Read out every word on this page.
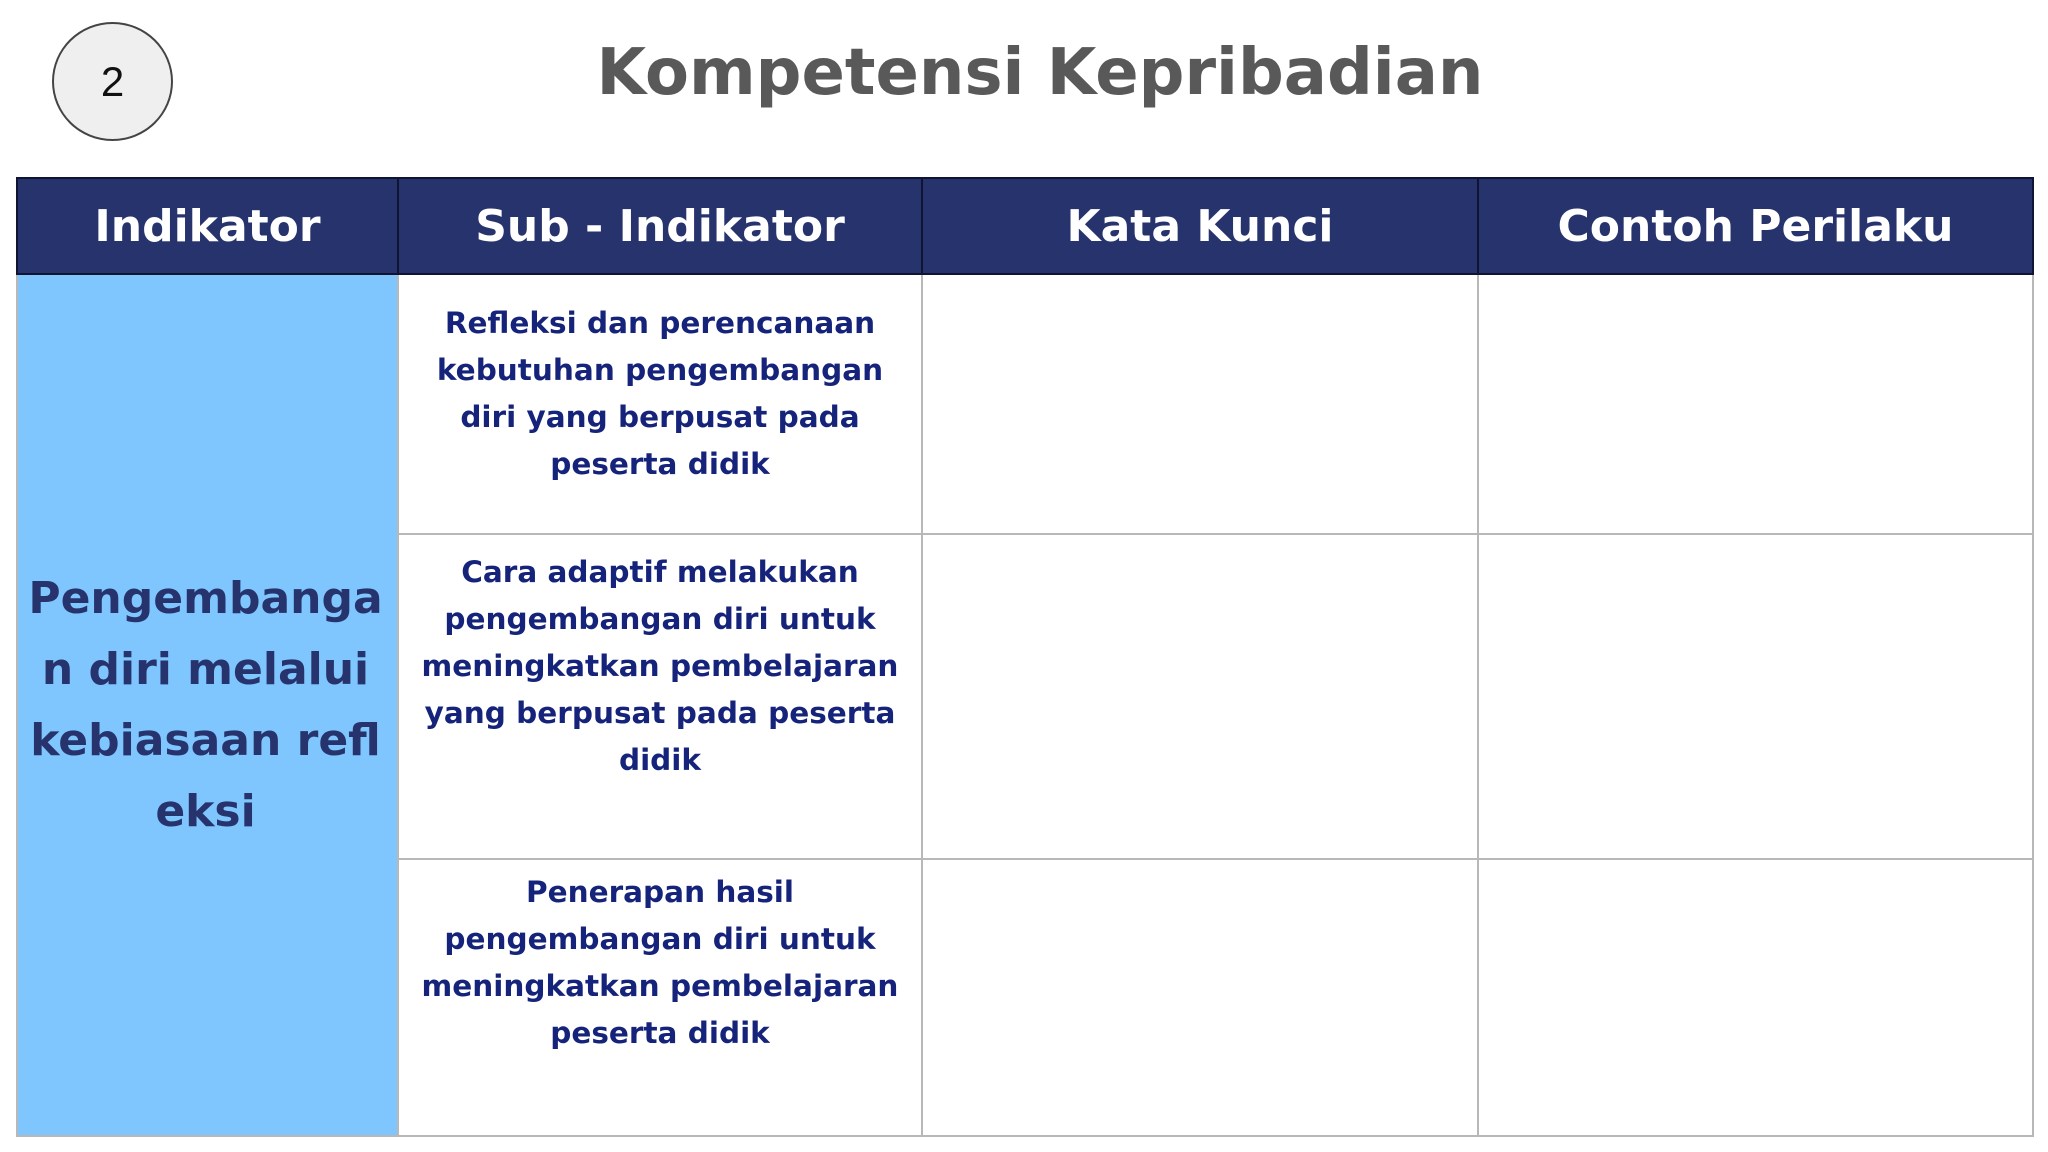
2	Kompetensi Kepribadian
Indikator	Sub - Indikator	Kata Kunci	Contoh Perilaku
Pengembangan diri melalui kebiasaan refleksi	Refleksi dan perencanaan kebutuhan pengembangan diri yang berpusat pada peserta didik		

	Cara adaptif melakukan pengembangan diri untuk meningkatkan pembelajaran yang berpusat pada peserta didik		

	Penerapan hasil pengembangan diri untuk meningkatkan pembelajaran peserta didik		
